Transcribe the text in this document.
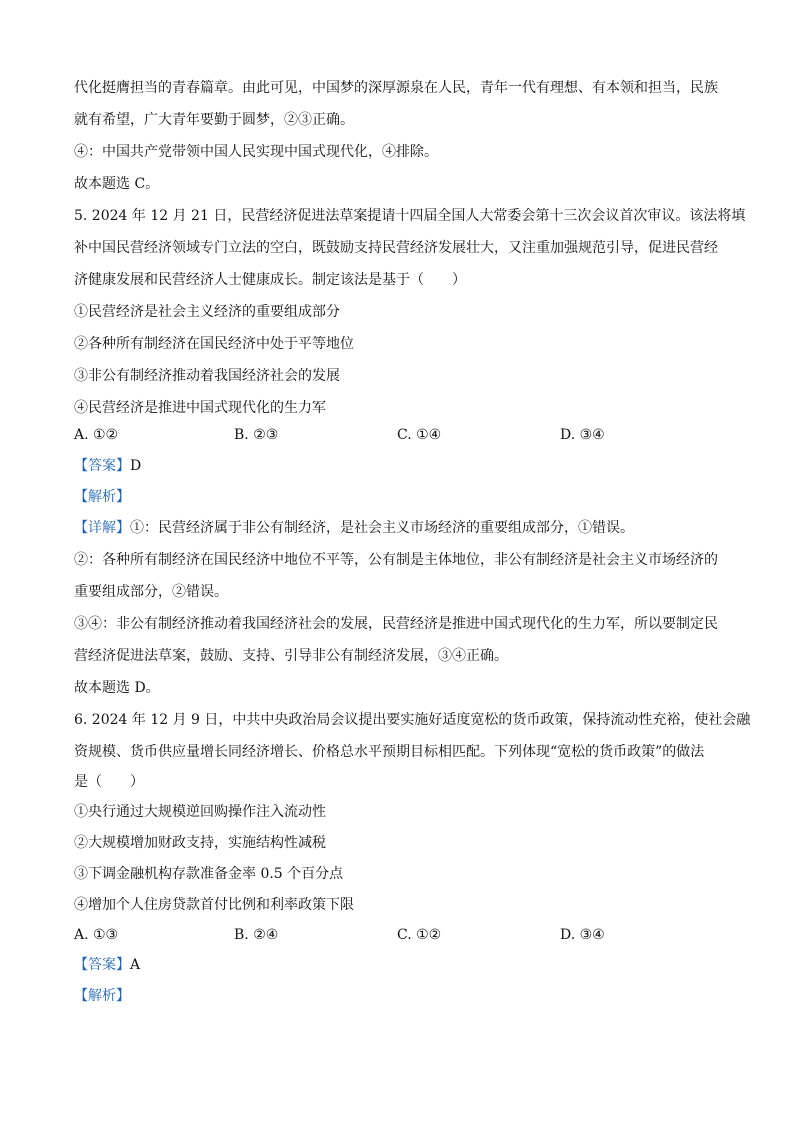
代化挺膺担当的青春篇章。由此可见，中国梦的深厚源泉在人民，青年一代有理想、有本领和担当，民族
就有希望，广大青年要勤于圆梦，②③正确。
④：中国共产党带领中国人民实现中国式现代化，④排除。
故本题选 C。
5. 2024 年 12 月 21 日，民营经济促进法草案提请十四届全国人大常委会第十三次会议首次审议。该法将填
补中国民营经济领域专门立法的空白，既鼓励支持民营经济发展壮大，又注重加强规范引导，促进民营经
济健康发展和民营经济人士健康成长。制定该法是基于（　　）
①民营经济是社会主义经济的重要组成部分
②各种所有制经济在国民经济中处于平等地位
③非公有制经济推动着我国经济社会的发展
④民营经济是推进中国式现代化的生力军
A. ①②	B. ②③	C. ①④	D. ③④
【答案】D
【解析】
【详解】①：民营经济属于非公有制经济，是社会主义市场经济的重要组成部分，①错误。
②：各种所有制经济在国民经济中地位不平等，公有制是主体地位，非公有制经济是社会主义市场经济的
重要组成部分，②错误。
③④：非公有制经济推动着我国经济社会的发展，民营经济是推进中国式现代化的生力军，所以要制定民
营经济促进法草案，鼓励、支持、引导非公有制经济发展，③④正确。
故本题选 D。
6. 2024 年 12 月 9 日，中共中央政治局会议提出要实施好适度宽松的货币政策，保持流动性充裕，使社会融
资规模、货币供应量增长同经济增长、价格总水平预期目标相匹配。下列体现“宽松的货币政策”的做法
是（　　）
①央行通过大规模逆回购操作注入流动性
②大规模增加财政支持，实施结构性减税
③下调金融机构存款准备金率 0.5 个百分点
④增加个人住房贷款首付比例和利率政策下限
A. ①③	B. ②④	C. ①②	D. ③④
【答案】A
【解析】
